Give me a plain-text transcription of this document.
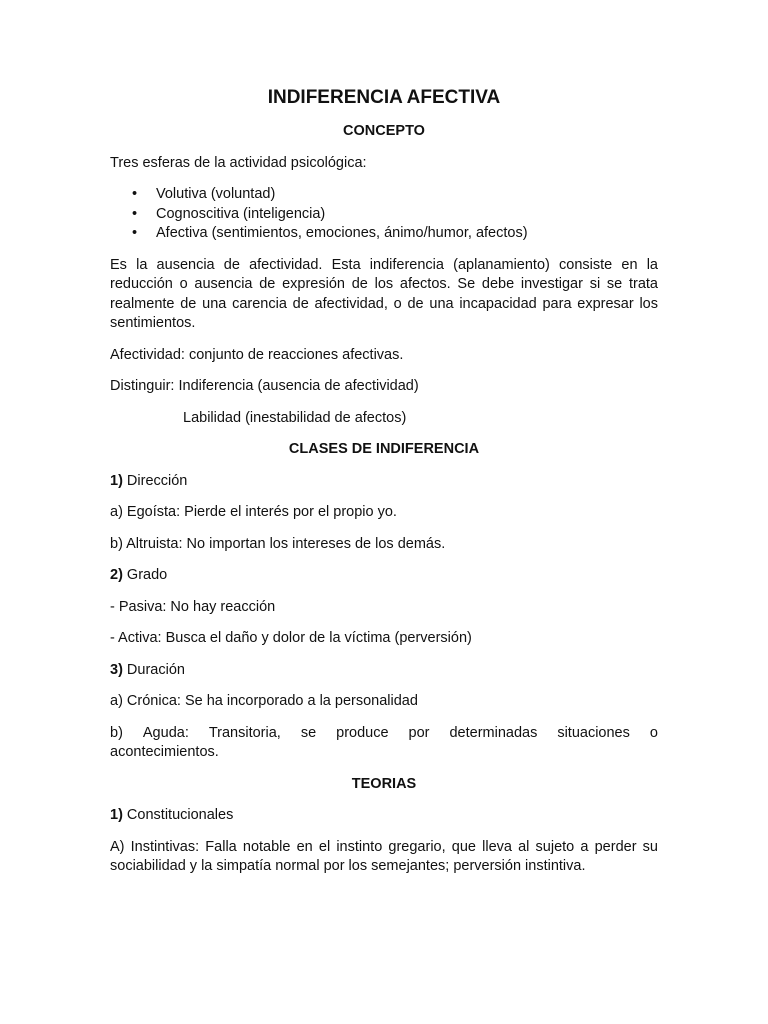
INDIFERENCIA AFECTIVA
CONCEPTO

Tres esferas de la actividad psicológica:

• Volutiva (voluntad)
• Cognoscitiva (inteligencia)
• Afectiva (sentimientos, emociones, ánimo/humor, afectos)

Es la ausencia de afectividad. Esta indiferencia (aplanamiento) consiste en la reducción o ausencia de expresión de los afectos. Se debe investigar si se trata realmente de una carencia de afectividad, o de una incapacidad para expresar los sentimientos.

Afectividad: conjunto de reacciones afectivas.

Distinguir: Indiferencia (ausencia de afectividad)

Labilidad (inestabilidad de afectos)

CLASES DE INDIFERENCIA

1) Dirección

a) Egoísta: Pierde el interés por el propio yo.

b) Altruista: No importan los intereses de los demás.

2) Grado

- Pasiva: No hay reacción

- Activa: Busca el daño y dolor de la víctima (perversión)

3) Duración

a) Crónica: Se ha incorporado a la personalidad

b) Aguda: Transitoria, se produce por determinadas situaciones o
acontecimientos.

TEORIAS

1) Constitucionales

A) Instintivas: Falla notable en el instinto gregario, que lleva al sujeto a perder su sociabilidad y la simpatía normal por los semejantes; perversión instintiva.
